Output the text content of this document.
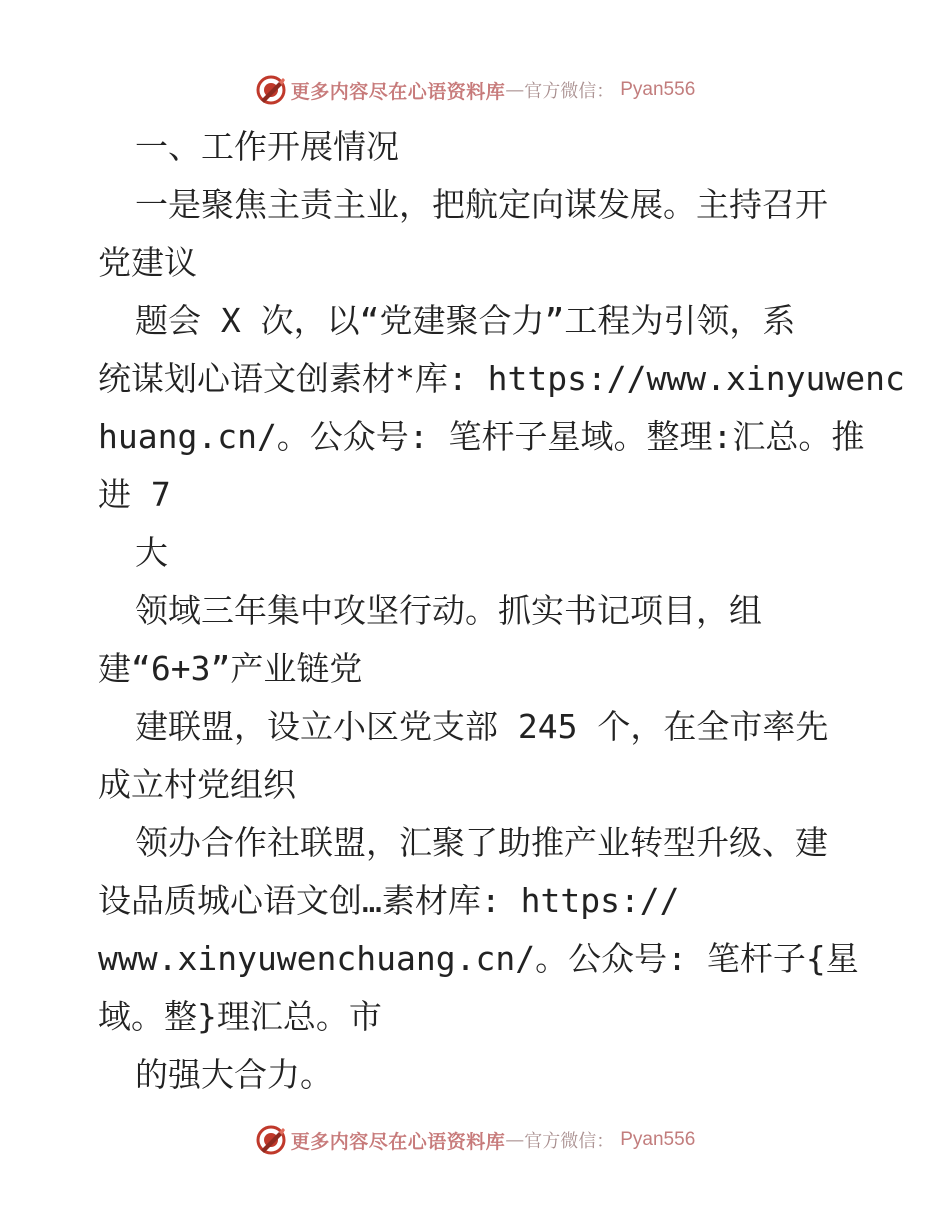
更多内容尽在心语资料库 — 官方微信： Pyan556
一、工作开展情况
一是聚焦主责主业，把航定向谋发展。主持召开
党建议
题会 X 次，以“党建聚合力”工程为引领，系
统谋划心语文创素材*库: https://www.xinyuwenc
huang.cn/。公众号: 笔杆子星域。整理:汇总。推
进 7
大
领域三年集中攻坚行动。抓实书记项目，组
建“6+3”产业链党
建联盟，设立小区党支部 245 个，在全市率先
成立村党组织
领办合作社联盟，汇聚了助推产业转型升级、建
设品质城心语文创…素材库: https://
www.xinyuwenchuang.cn/。公众号: 笔杆子{星
域。整}理汇总。市
的强大合力。
更多内容尽在心语资料库 — 官方微信： Pyan556
